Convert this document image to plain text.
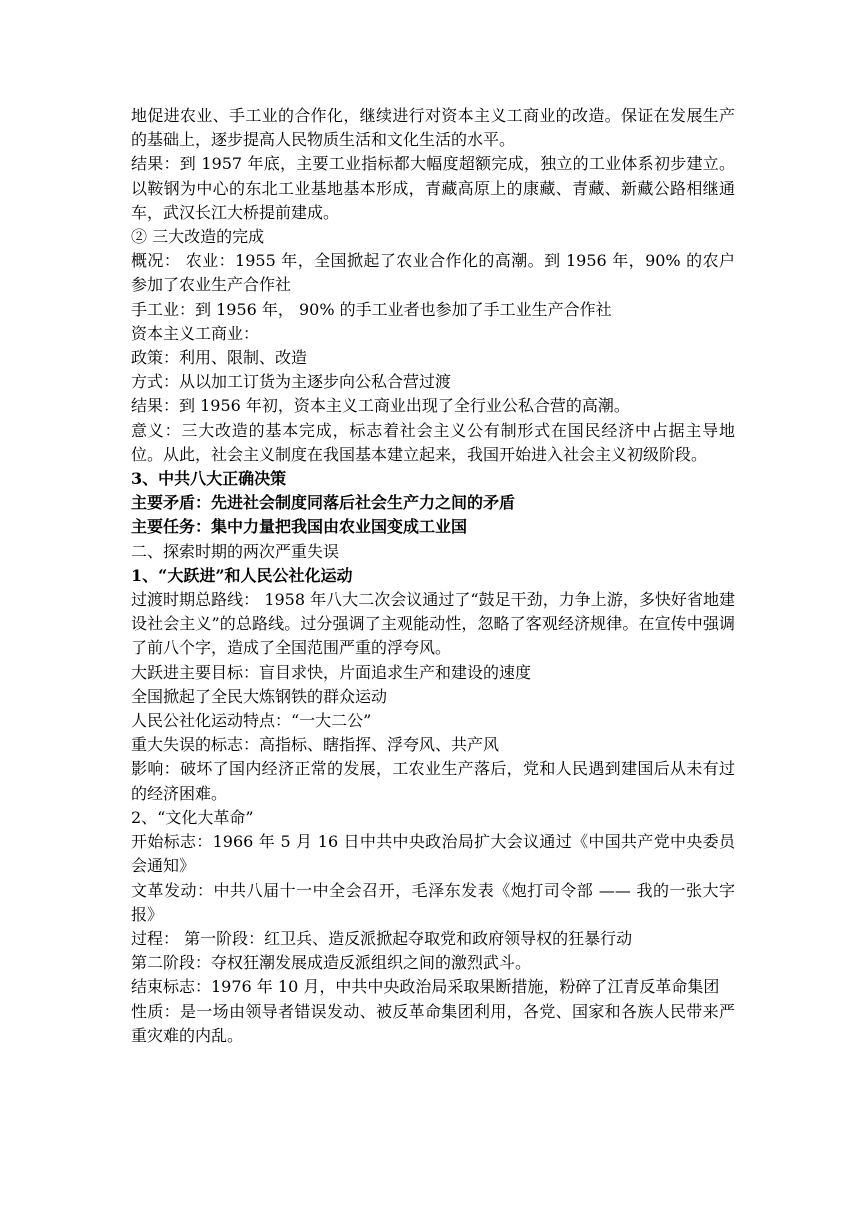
地促进农业、手工业的合作化，继续进行对资本主义工商业的改造。保证在发展生产的基础上，逐步提高人民物质生活和文化生活的水平。

结果：到 1957 年底，主要工业指标都大幅度超额完成，独立的工业体系初步建立。以鞍钢为中心的东北工业基地基本形成，青藏高原上的康藏、青藏、新藏公路相继通车，武汉长江大桥提前建成。

② 三大改造的完成

概况： 农业：1955 年，全国掀起了农业合作化的高潮。到 1956 年，90% 的农户参加了农业生产合作社

手工业：到 1956 年， 90% 的手工业者也参加了手工业生产合作社

资本主义工商业：

政策：利用、限制、改造

方式：从以加工订货为主逐步向公私合营过渡

结果：到 1956 年初，资本主义工商业出现了全行业公私合营的高潮。

意义：三大改造的基本完成，标志着社会主义公有制形式在国民经济中占据主导地位。从此，社会主义制度在我国基本建立起来，我国开始进入社会主义初级阶段。

3、中共八大正确决策

主要矛盾：先进社会制度同落后社会生产力之间的矛盾

主要任务：集中力量把我国由农业国变成工业国

二、探索时期的两次严重失误

1、“大跃进”和人民公社化运动

过渡时期总路线： 1958 年八大二次会议通过了“鼓足干劲，力争上游，多快好省地建设社会主义”的总路线。过分强调了主观能动性，忽略了客观经济规律。在宣传中强调了前八个字，造成了全国范围严重的浮夸风。

大跃进主要目标：盲目求快，片面追求生产和建设的速度

全国掀起了全民大炼钢铁的群众运动

人民公社化运动特点：“一大二公”

重大失误的标志：高指标、瞎指挥、浮夸风、共产风

影响：破坏了国内经济正常的发展，工农业生产落后，党和人民遇到建国后从未有过的经济困难。

2、“文化大革命”

开始标志：1966 年 5 月 16 日中共中央政治局扩大会议通过《中国共产党中央委员会通知》

文革发动：中共八届十一中全会召开，毛泽东发表《炮打司令部 —— 我的一张大字报》

过程： 第一阶段：红卫兵、造反派掀起夺取党和政府领导权的狂暴行动

第二阶段：夺权狂潮发展成造反派组织之间的激烈武斗。

结束标志：1976 年 10 月，中共中央政治局采取果断措施，粉碎了江青反革命集团

性质：是一场由领导者错误发动、被反革命集团利用，各党、国家和各族人民带来严重灾难的内乱。
